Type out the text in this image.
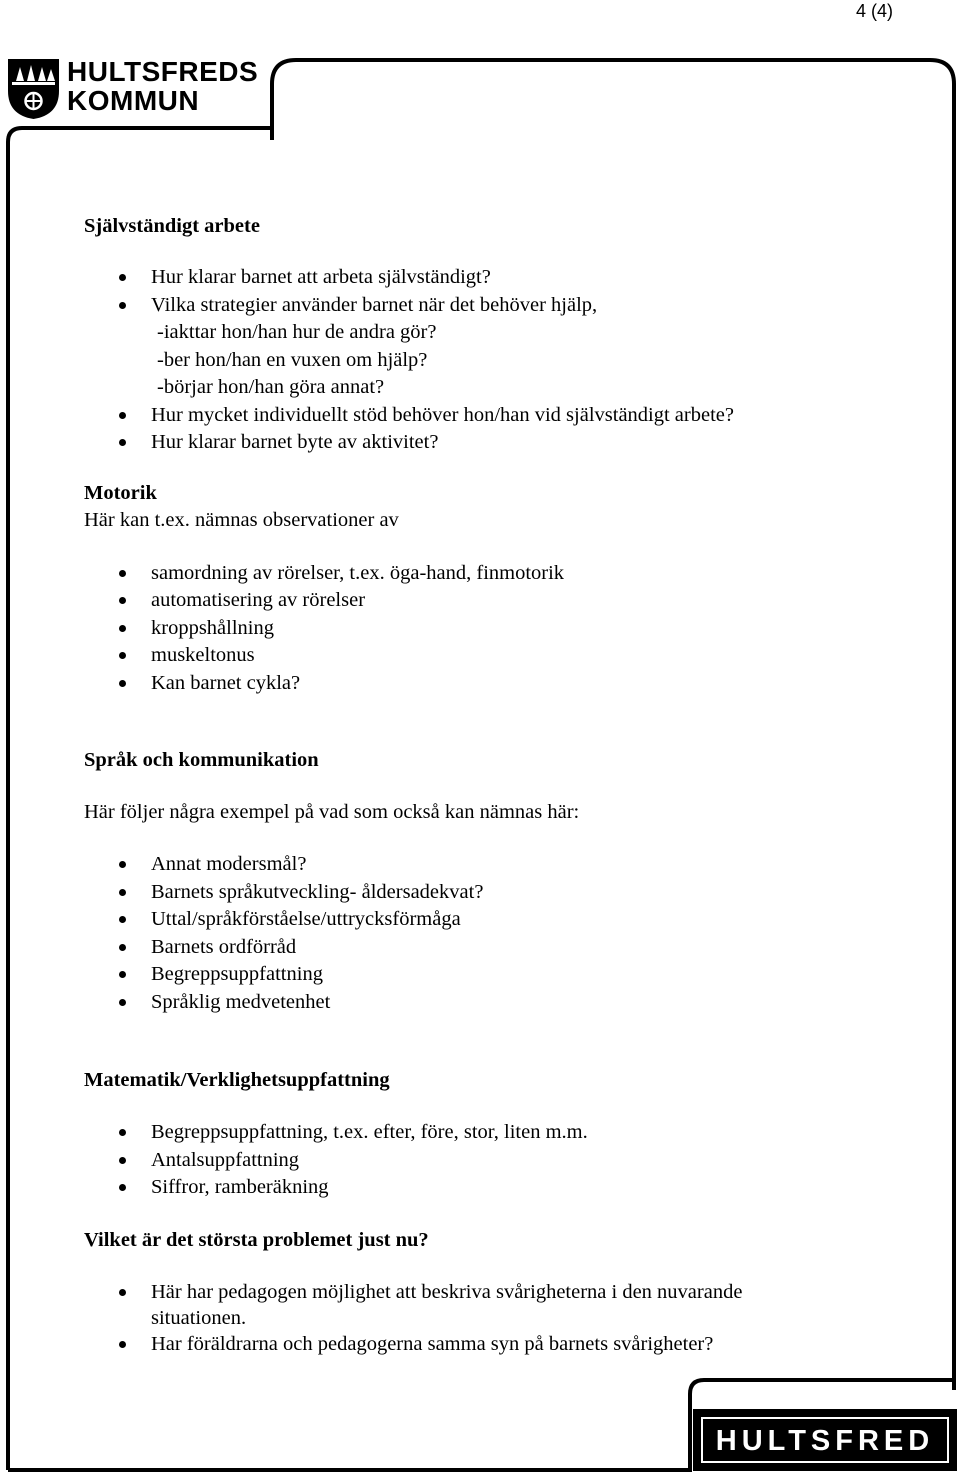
4 (4)
HULTSFREDS
KOMMUN
Självständigt arbete
Hur klarar barnet att arbeta självständigt?
Vilka strategier använder barnet när det behöver hjälp,
-iakttar hon/han hur de andra gör?
-ber hon/han en vuxen om hjälp?
-börjar hon/han göra annat?
Hur mycket individuellt stöd behöver hon/han vid självständigt arbete?
Hur klarar barnet byte av aktivitet?
Motorik

Här kan t.ex. nämnas observationer av

samordning av rörelser, t.ex. öga-hand, finmotorik
automatisering av rörelser
kroppshållning
muskeltonus
Kan barnet cykla?
Språk och kommunikation

Här följer några exempel på vad som också kan nämnas här:

Annat modersmål?
Barnets språkutveckling- åldersadekvat?
Uttal/språkförståelse/uttrycksförmåga
Barnets ordförråd
Begreppsuppfattning
Språklig medvetenhet
Matematik/Verklighetsuppfattning
Begreppsuppfattning, t.ex. efter, före, stor, liten m.m.
Antalsuppfattning
Siffror, ramberäkning
Vilket är det största problemet just nu?
Här har pedagogen möjlighet att beskriva svårigheterna i den nuvarande
situationen.
Har föräldrarna och pedagogerna samma syn på barnets svårigheter?
HULTSFRED
